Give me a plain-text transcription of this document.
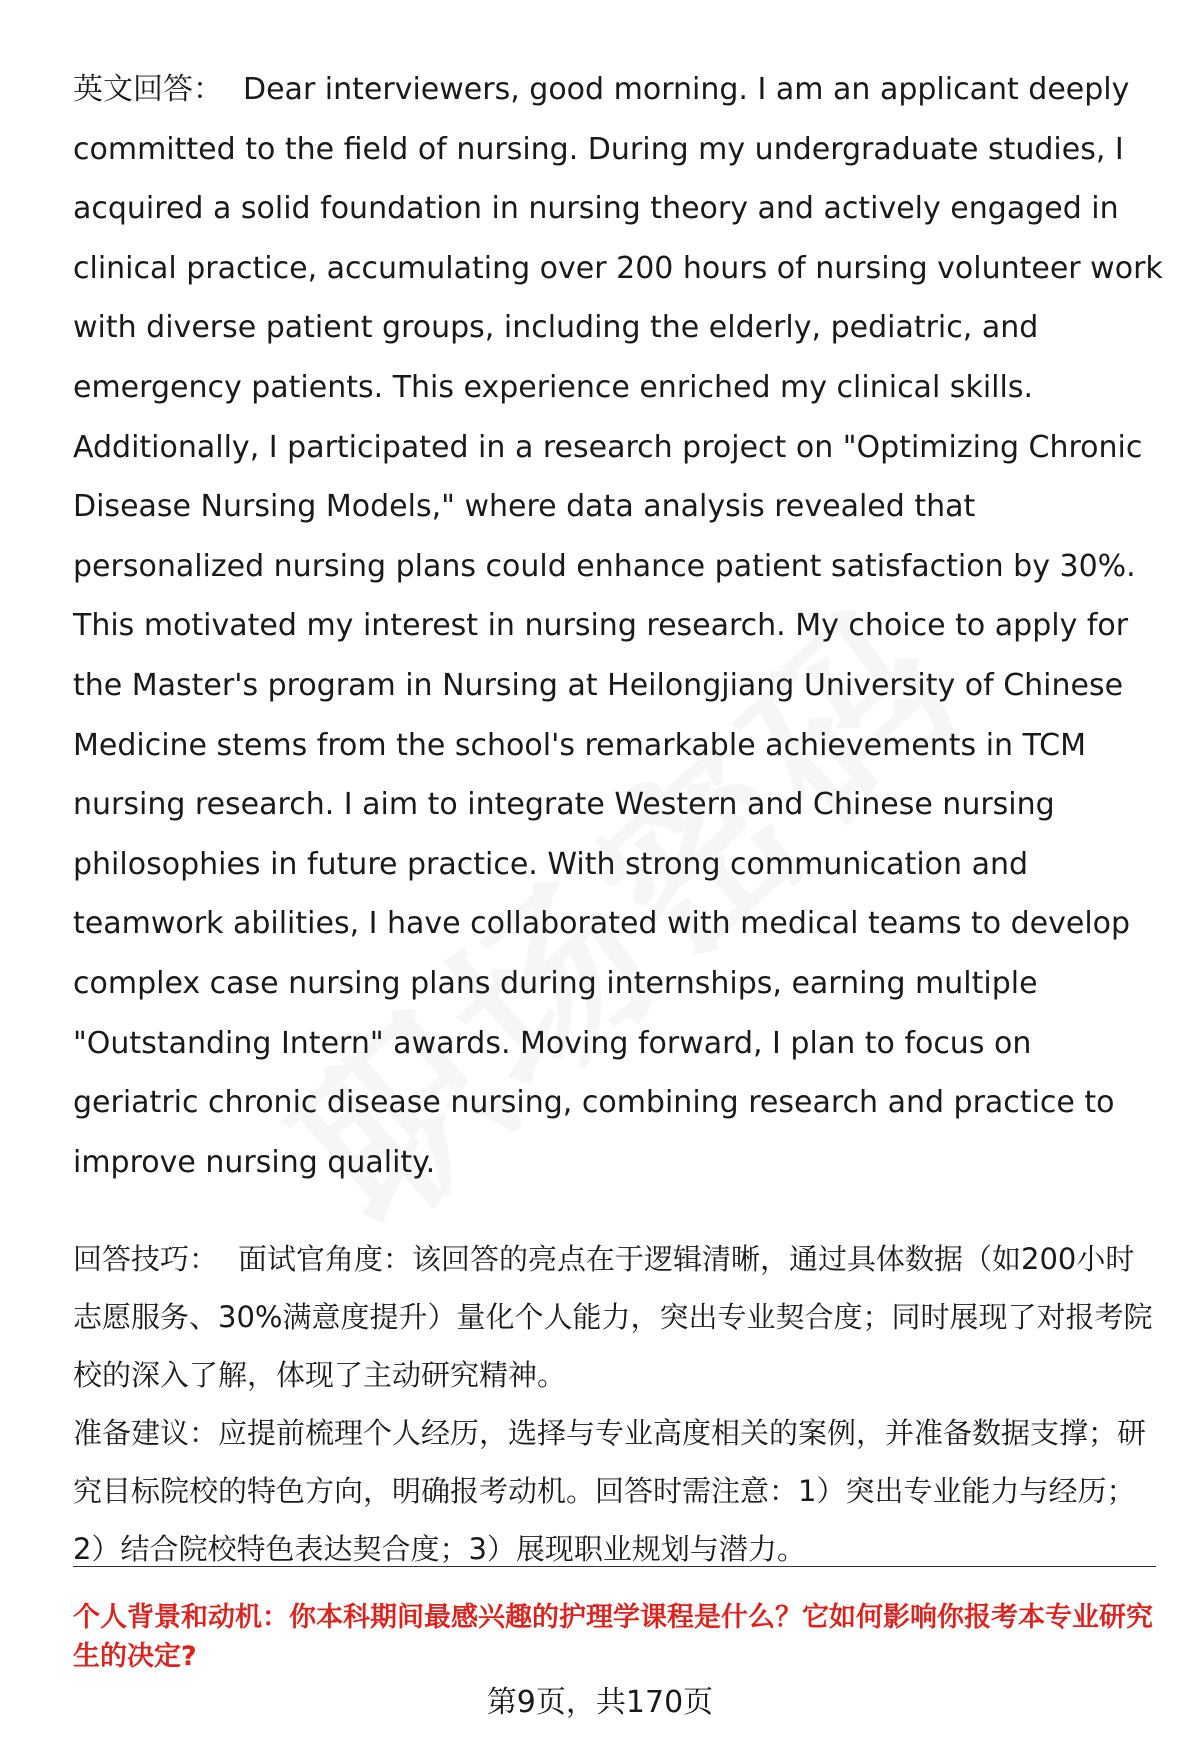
英文回答： Dear interviewers, good morning. I am an applicant deeply committed to the field of nursing. During my undergraduate studies, I acquired a solid foundation in nursing theory and actively engaged in clinical practice, accumulating over 200 hours of nursing volunteer work with diverse patient groups, including the elderly, pediatric, and emergency patients. This experience enriched my clinical skills. Additionally, I participated in a research project on "Optimizing Chronic Disease Nursing Models," where data analysis revealed that personalized nursing plans could enhance patient satisfaction by 30%. This motivated my interest in nursing research. My choice to apply for the Master's program in Nursing at Heilongjiang University of Chinese Medicine stems from the school's remarkable achievements in TCM nursing research. I aim to integrate Western and Chinese nursing philosophies in future practice. With strong communication and teamwork abilities, I have collaborated with medical teams to develop complex case nursing plans during internships, earning multiple "Outstanding Intern" awards. Moving forward, I plan to focus on geriatric chronic disease nursing, combining research and practice to improve nursing quality.

回答技巧： 面试官角度：该回答的亮点在于逻辑清晰，通过具体数据（如200小时志愿服务、30%满意度提升）量化个人能力，突出专业契合度；同时展现了对报考院校的深入了解，体现了主动研究精神。

准备建议：应提前梳理个人经历，选择与专业高度相关的案例，并准备数据支撑；研究目标院校的特色方向，明确报考动机。回答时需注意：1）突出专业能力与经历；2）结合院校特色表达契合度；3）展现职业规划与潜力。

个人背景和动机：你本科期间最感兴趣的护理学课程是什么？它如何影响你报考本专业研究生的决定?

第9页，共170页
